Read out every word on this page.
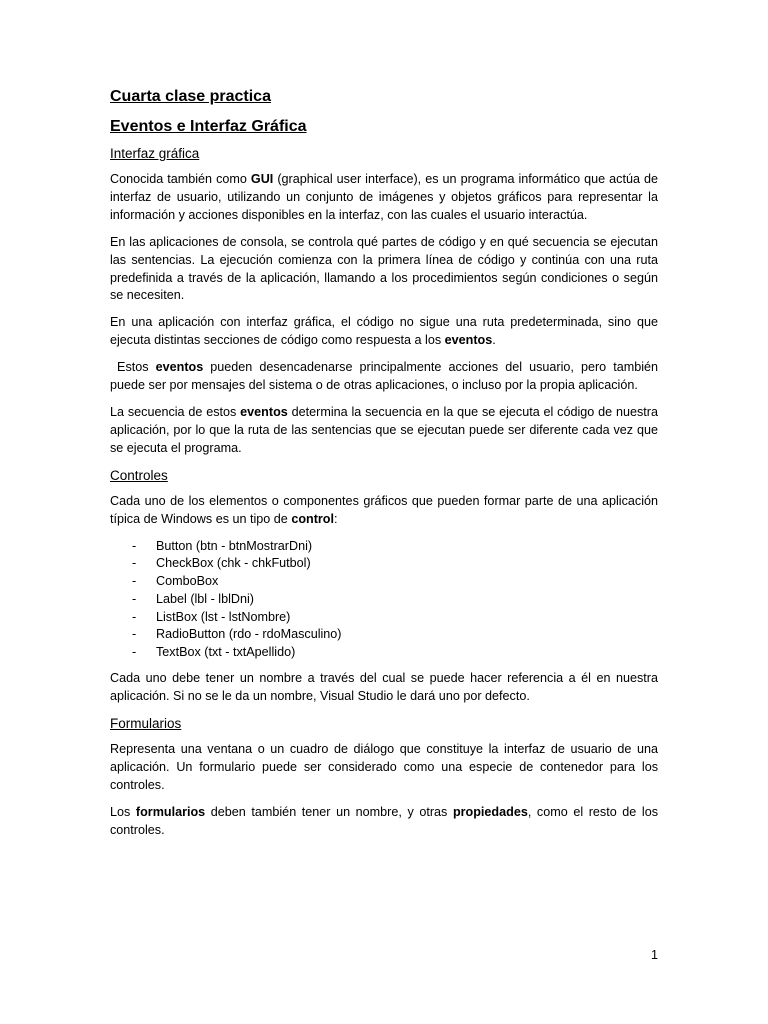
Cuarta clase practica
Eventos e Interfaz Gráfica
Interfaz gráfica

Conocida también como GUI (graphical user interface), es un programa informático que actúa de interfaz de usuario, utilizando un conjunto de imágenes y objetos gráficos para representar la información y acciones disponibles en la interfaz, con las cuales el usuario interactúa.

En las aplicaciones de consola, se controla qué partes de código y en qué secuencia se ejecutan las sentencias. La ejecución comienza con la primera línea de código y continúa con una ruta predefinida a través de la aplicación, llamando a los procedimientos según condiciones o según se necesiten.

En una aplicación con interfaz gráfica, el código no sigue una ruta predeterminada, sino que ejecuta distintas secciones de código como respuesta a los eventos.

Estos eventos pueden desencadenarse principalmente acciones del usuario, pero también puede ser por mensajes del sistema o de otras aplicaciones, o incluso por la propia aplicación.

La secuencia de estos eventos determina la secuencia en la que se ejecuta el código de nuestra aplicación, por lo que la ruta de las sentencias que se ejecutan puede ser diferente cada vez que se ejecuta el programa.

Controles

Cada uno de los elementos o componentes gráficos que pueden formar parte de una aplicación típica de Windows es un tipo de control:

- Button (btn - btnMostrarDni)
- CheckBox (chk - chkFutbol)
- ComboBox
- Label (lbl - lblDni)
- ListBox (lst - lstNombre)
- RadioButton (rdo - rdoMasculino)
- TextBox (txt - txtApellido)

Cada uno debe tener un nombre a través del cual se puede hacer referencia a él en nuestra aplicación. Si no se le da un nombre, Visual Studio le dará uno por defecto.

Formularios

Representa una ventana o un cuadro de diálogo que constituye la interfaz de usuario de una aplicación. Un formulario puede ser considerado como una especie de contenedor para los controles.

Los formularios deben también tener un nombre, y otras propiedades, como el resto de los controles.

1
